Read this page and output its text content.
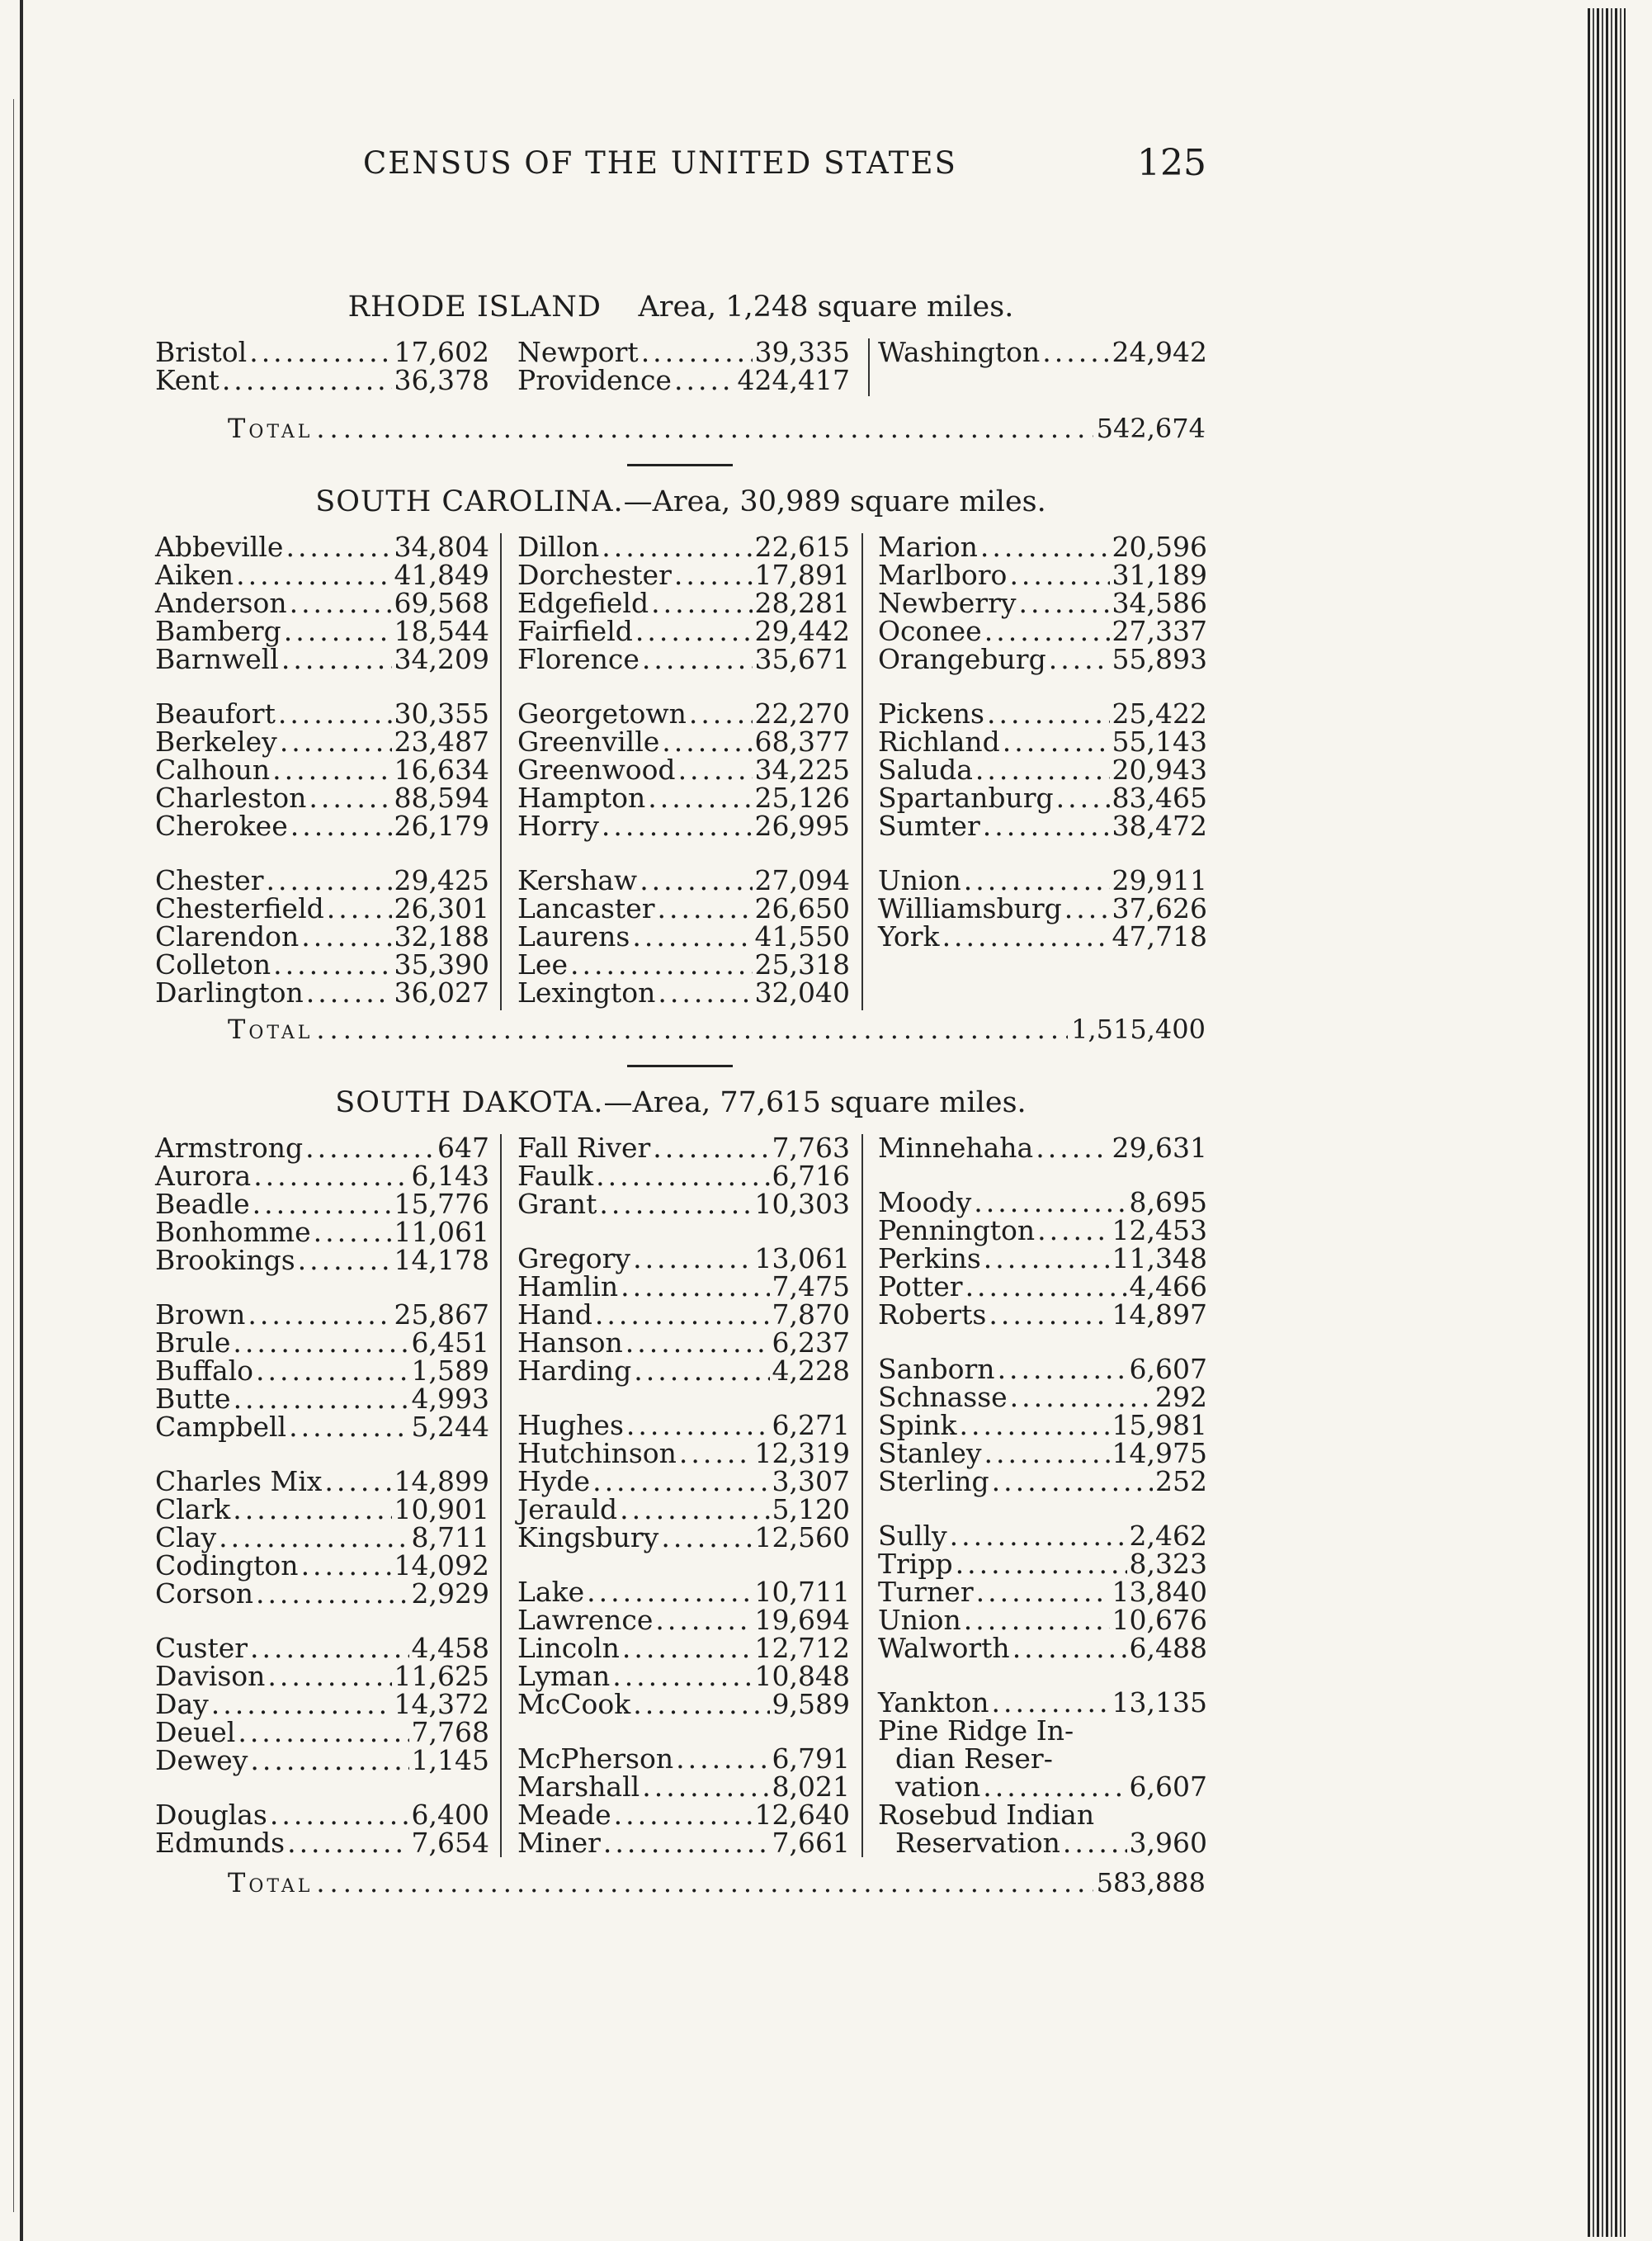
CENSUS OF THE UNITED STATES	125
RHODE ISLAND Area, 1,248 square miles.
Bristol .....	17,602
Kent .....	36,378
Newport .....	39,335
Providence ..... 424,417
Washington .....	24,942
Total .....	542,674
SOUTH CAROLINA.—Area, 30,989 square miles.
Abbeville .....	34,804
Aiken .....	41,849
Anderson .....	69,568
Bamberg .....	18,544
Barnwell .....	34,209
Beaufort .....	30,355
Berkeley .....	23,487
Calhoun .....	16,634
Charleston .....	88,594
Cherokee .....	26,179
Chester .....	29,425
Chesterfield .....	26,301
Clarendon .....	32,188
Colleton .....	35,390
Darlington .....	36,027
Dillon .....	22,615
Dorchester .....	17,891
Edgefield .....	28,281
Fairfield .....	29,442
Florence .....	35,671
Georgetown .....	22,270
Greenville .....	68,377
Greenwood .....	34,225
Hampton .....	25,126
Horry .....	26,995
Kershaw .....	27,094
Lancaster .....	26,650
Laurens .....	41,550
Lee .....	25,318
Lexington .....	32,040
Marion .....	20,596
Marlboro .....	31,189
Newberry .....	34,586
Oconee .....	27,337
Orangeburg ..... 55,893
Pickens .....	25,422
Richland .....	55,143
Saluda .....	20,943
Spartanburg ..... 83,465
Sumter .....	38,472
Union .....	29,911
Williamsburg ..... 37,626
York .....	47,718
Total .....	1,515,400
SOUTH DAKOTA.—Area, 77,615 square miles.
Armstrong .....	647
Aurora .....	6,143
Beadle .....	15,776
Bonhomme .....	11,061
Brookings .....	14,178
Brown .....	25,867
Brule .....	6,451
Buffalo .....	1,589
Butte .....	4,993
Campbell .....	5,244
Charles Mix .....	14,899
Clark .....	10,901
Clay .....	8,711
Codington .....	14,092
Corson .....	2,929
Custer .....	4,458
Davison .....	11,625
Day .....	14,372
Deuel .....	7,768
Dewey .....	1,145
Douglas .....	6,400
Edmunds .....	7,654
Fall River .....	7,763
Faulk .....	6,716
Grant .....	10,303
Gregory .....	13,061
Hamlin .....	7,475
Hand .....	7,870
Hanson .....	6,237
Harding .....	4,228
Hughes .....	6,271
Hutchinson .....	12,319
Hyde .....	3,307
Jerauld .....	5,120
Kingsbury .....	12,560
Lake .....	10,711
Lawrence .....	19,694
Lincoln .....	12,712
Lyman .....	10,848
McCook .....	9,589
McPherson .....	6,791
Marshall .....	8,021
Meade .....	12,640
Miner .....	7,661
Minnehaha .....	29,631
Moody .....	8,695
Pennington .....	12,453
Perkins .....	11,348
Potter .....	4,466
Roberts .....	14,897
Sanborn .....	6,607
Schnasse .....	292
Spink .....	15,981
Stanley .....	14,975
Sterling .....	252
Sully .....	2,462
Tripp .....	8,323
Turner .....	13,840
Union .....	10,676
Walworth .....	6,488
Yankton .....	13,135
Pine Ridge In-
dian Reser-
vation .....	6,607
Rosebud Indian
Reservation .....	3,960
Total .....	583,888
